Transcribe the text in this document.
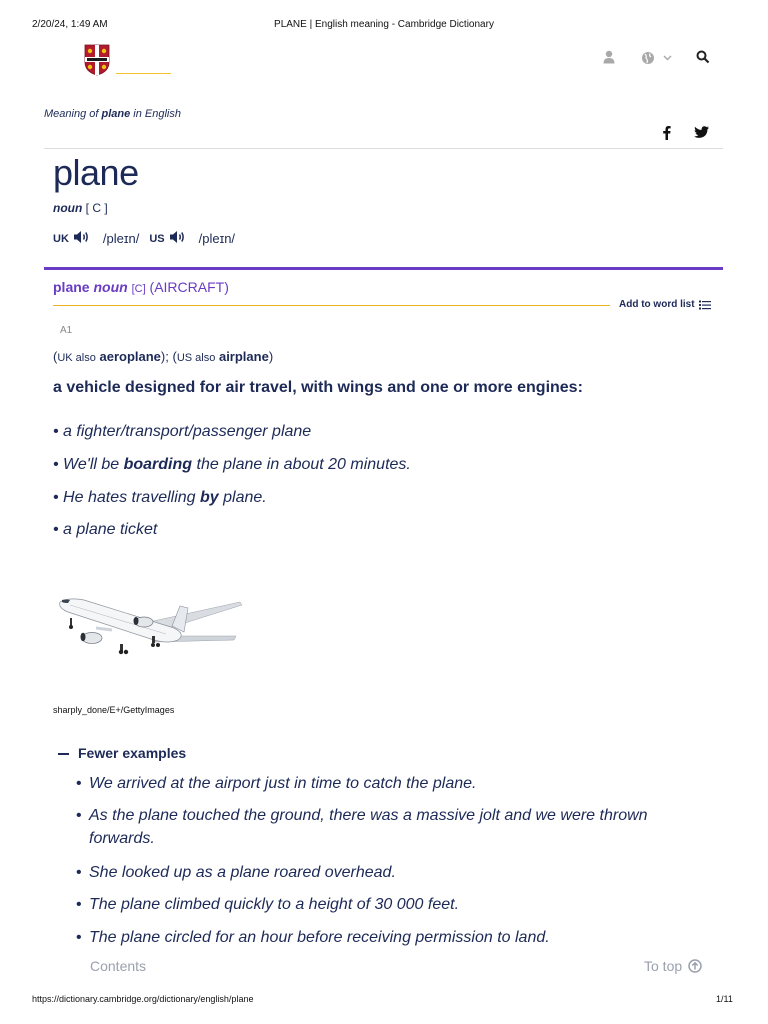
2/20/24, 1:49 AM	PLANE | English meaning - Cambridge Dictionary
Meaning of plane in English
plane
noun [ C ]
UK	/pleɪn/ US	/pleɪn/
plane noun [C] (AIRCRAFT)
Add to word list
A1
(UK also aeroplane); (US also airplane)
a vehicle designed for air travel, with wings and one or more engines:
• a fighter/transport/passenger plane
• We'll be boarding the plane in about 20 minutes.
• He hates travelling by plane.
• a plane ticket
sharply_done/E+/GettyImages
Fewer examples
• We arrived at the airport just in time to catch the plane.
• As the plane touched the ground, there was a massive jolt and we were thrown forwards.
• She looked up as a plane roared overhead.
• The plane climbed quickly to a height of 30 000 feet.
• The plane circled for an hour before receiving permission to land.
Contents	To top
https://dictionary.cambridge.org/dictionary/english/plane	1/11
